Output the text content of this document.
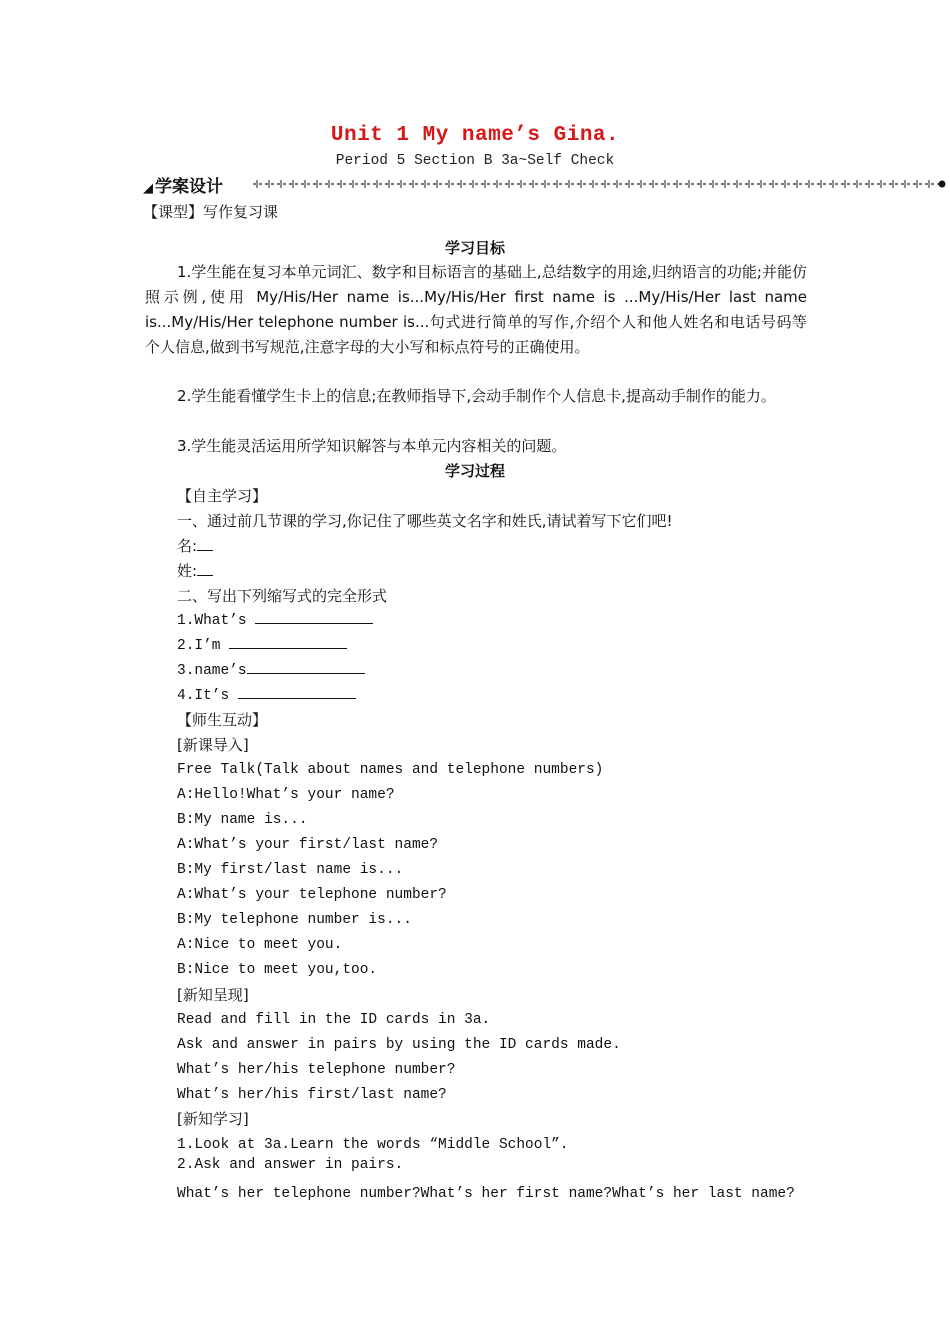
Unit 1 My name’s Gina.
Period 5 Section B 3a~Self Check
◢ 学案设计
【课型】写作复习课
学习目标
1.学生能在复习本单元词汇、数字和目标语言的基础上,总结数字的用途,归纳语言的功能;并能仿照示例,使用 My/His/Her name is...My/His/Her first name is ...My/His/Her last name is...My/His/Her telephone number is...句式进行简单的写作,介绍个人和他人姓名和电话号码等个人信息,做到书写规范,注意字母的大小写和标点符号的正确使用。
2.学生能看懂学生卡上的信息;在教师指导下,会动手制作个人信息卡,提高动手制作的能力。
3.学生能灵活运用所学知识解答与本单元内容相关的问题。
学习过程
【自主学习】
一、通过前几节课的学习,你记住了哪些英文名字和姓氏,请试着写下它们吧!
名:
姓:
二、写出下列缩写式的完全形式
1.What’s
2.I’m
3.name’s
4.It’s
【师生互动】
[新课导入]
Free Talk(Talk about names and telephone numbers)
A:Hello!What’s your name?
B:My name is...
A:What’s your first/last name?
B:My first/last name is...
A:What’s your telephone number?
B:My telephone number is...
A:Nice to meet you.
B:Nice to meet you,too.
[新知呈现]
Read and fill in the ID cards in 3a.
Ask and answer in pairs by using the ID cards made.
What’s her/his telephone number?
What’s her/his first/last name?
[新知学习]
1.Look at 3a.Learn the words “Middle School”.
2.Ask and answer in pairs.
What’s her telephone number?What’s her first name?What’s her last name?
